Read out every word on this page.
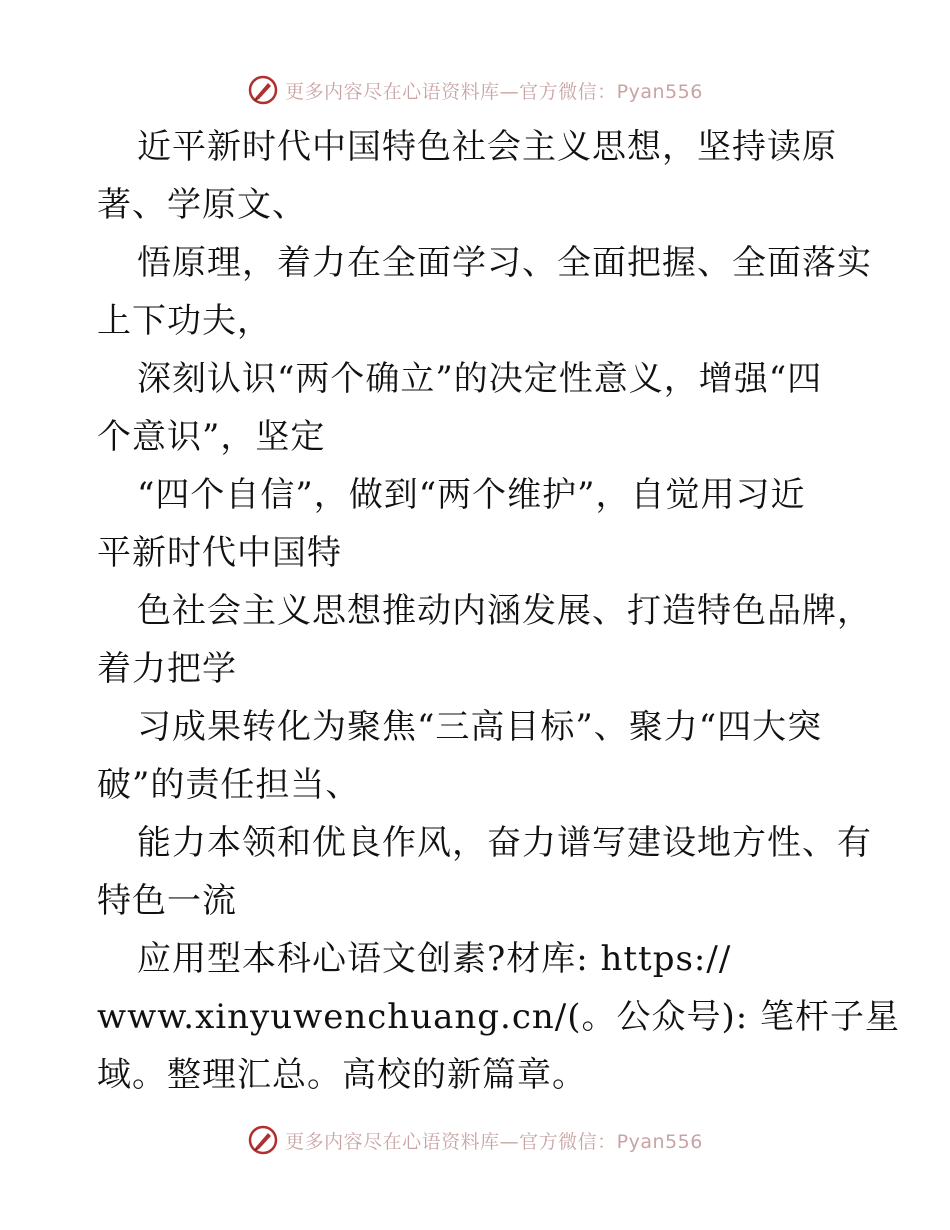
更多内容尽在心语资料库—官方微信：Pyan556
近平新时代中国特色社会主义思想，坚持读原
著、学原文、
悟原理，着力在全面学习、全面把握、全面落实
上下功夫，
深刻认识“两个确立”的决定性意义，增强“四
个意识”，坚定
“四个自信”，做到“两个维护”，自觉用习近
平新时代中国特
色社会主义思想推动内涵发展、打造特色品牌，
着力把学
习成果转化为聚焦“三高目标”、聚力“四大突
破”的责任担当、
能力本领和优良作风，奋力谱写建设地方性、有
特色一流
应用型本科心语文创素?材库: https://
www.xinyuwenchuang.cn/(。公众号): 笔杆子星
域。整理汇总。高校的新篇章。
更多内容尽在心语资料库—官方微信：Pyan556
